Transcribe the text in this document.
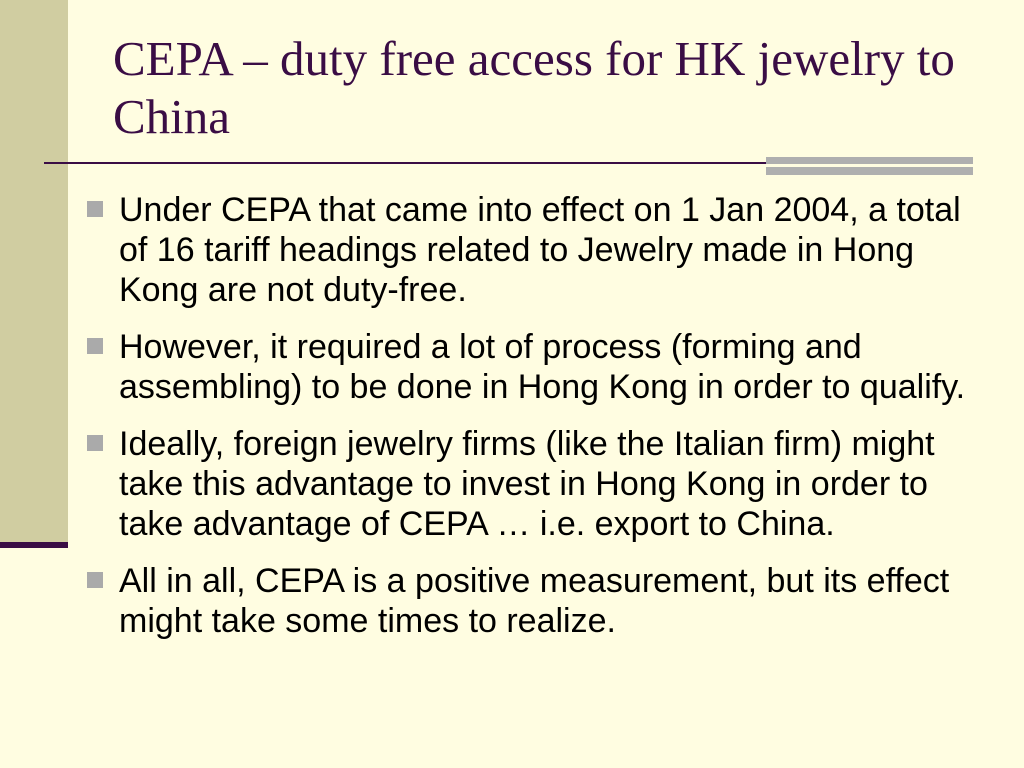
CEPA – duty free access for HK jewelry to China
Under CEPA that came into effect on 1 Jan 2004, a total of 16 tariff headings related to Jewelry made in Hong Kong are not duty-free.
However, it required a lot of process (forming and assembling) to be done in Hong Kong in order to qualify.
Ideally, foreign jewelry firms (like the Italian firm) might take this advantage to invest in Hong Kong in order to take advantage of CEPA … i.e. export to China.
All in all, CEPA is a positive measurement, but its effect might take some times to realize.
